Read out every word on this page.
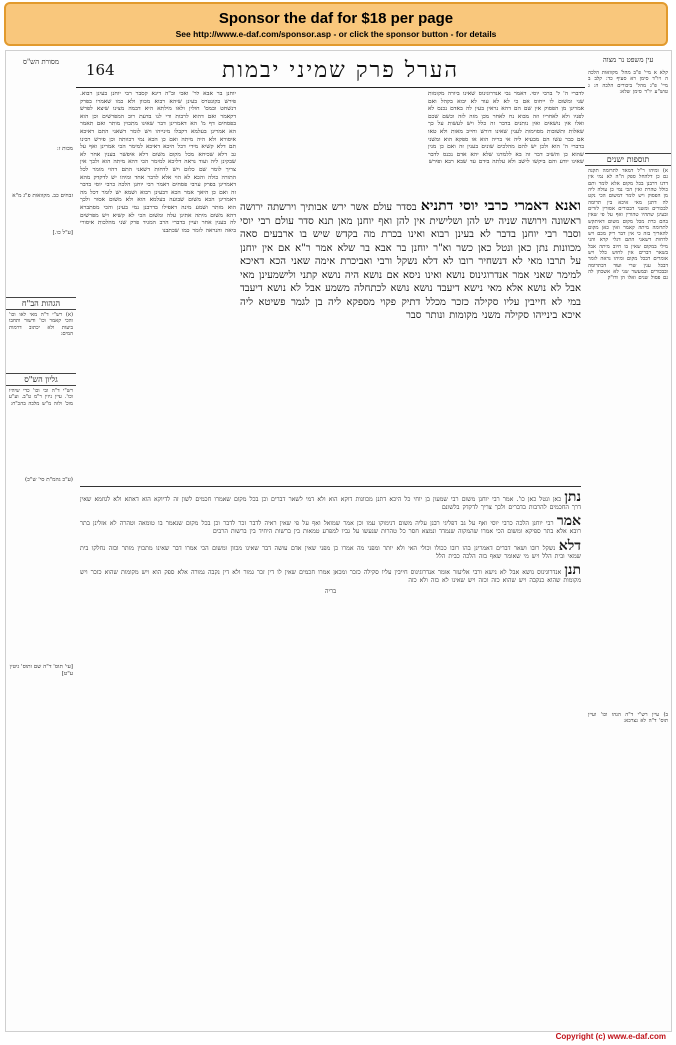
Sponsor the daf for $18 per page
See http://www.e-daf.com/sponsor.asp - or click the sponsor button - for details
עין משפט נר מצוה
קלא א מיי' פ"ב מהל' מקוואות הלכה ה ויו"ד סימן רא סעיף כד: קלב ב מיי' פ"ג מהל' ביכורים הלכה ה: ג טוש"ע יו"ד סימן שלא:
תוספות ישנים
א) ומיהו ר"ל דמאד לתרומה תקנה גם כן דלהחל ספק ה"ה לא נמי אין דדנו דרבנן בכל מקום אלא לומר ותם כולל טהרת ואין הכי נמי כן עולה ליה מן הפסוק ויש לומר דמשום הכי נקט לה דתנן מאי איכא בין תרומה לבכורים ומשני דבכורים אסורין לזרים ובעינן שתהיו טהורין ואף על פי שאין בהם כרת מכל מקום משום דאיתקש לתרומה מיתה קאמר ואין כאן מקום להאריך בזה כי אין דבר ריק מכם ויש לדחות דשאני התם דגלי קרא והני מילי במקום שאין בו חיוב מיתה אבל בשאר דברים אין לחוש כלל ויש אומרים דבכל מקום ומיהו נראה לומר דבכל ענין שרי ועוד דבתרומה ובבכורים ובמעשר שני לא אשכחן לה גם פסול שנים ואלו הן ודו"ק
ב) עיין רש"י ד"ה הנהו וכו' ועיין תוס' ד"ה לא נצרכא:
מסורת הש"ס
מכות ז:
זבחים כב. מקוואות פ"ג מ"א
[ע"ל כו.]
הגהות הב"ח
(א) רש"י ד"ה מאי לאו וכו' והכי קאמר וכו' ודשור ותחבו ביעות ולא יכתוב דרמות המים:
גליון הש"ס
רש"י ד"ה ובי וכו' כדי שיהיו וכו'. עיין ניזין ר"מ ט"ב. וע"ע מוכ' ולזה מ"ש מלכה בהכ"ח:
(ע"כ גהמ"ת סי' ש"כ)
[עי' תוס' ד"ה שם ותוס' גיטין ע"ט]
164	הערל פרק שמיני יבמות
לדברי ה' ל' ברבי יוסי. דאמר גבי אנדרוגינוס שאינו ביורה מקומות שני ומשום לו ייחוס אם כי לא לא עוד לא יבוא בקהל ואם אמרינן מן הפסוק אין שם הם דהא נראין בעין לה באדם נכנס לא לפניו ולא לאחריו וזה מבוא נח לאחר מכן מזה לזה וכשם שכם ואלו אין נושאים ואין נותנים בדבר זה כלל ויש לעשות על כך שאלות ותשובות מסוימות לענין שאינו דורש וחייב מאות ולא טאו אם כבר עשו הם מבעיא ליה אי בריה הוא או ספקא הוא ומשני בדברי ה' הוא ולכן יש להם מהלכים שונים בענין זה ואם כן מנין שהוא כן והשיב דבר זה בא ללמדנו שלא יהא אדם נכנס לדבר שאינו יודע והם ביקשו לישב ולא עלתה בידם עד שבא רבא ופירש
יוחנן בר אבא לר' ואכי וב"ה דינא קסבר רבי יוחנן בעינן רבוא. פירש בקונטרס בעינן שיהא רבוא מכוון ולא כמו שאמרו בפרק דנשחט ובמס' חולין ולאו מילתא היא דבמה מצינו שיצא לפרש דקאמר ואם דהוא לרבות ודי לנו בדעת רוב המפרשים וכן הוא בפסחים דף מ' הא דאמרינן דבר שאינו מתכוין מותר ואם תאמר הא אמרינן בעלמא דקבלו מינייהו ויש לומר דשאני התם דאיכא איסורא ולא היה מיתה ואם כן הכא נמי דכוותה וכן פירש רבינו תם דלא קשיא מידי דכל היכא דאיכא למימר הכי אמרינן ואף על גב דלא שכיחא מכל מקום משום דלא איפשר בענין אחר לא שבקינן ליה ועוד נראה דליכא למימר הכי דהא מיתה הוא ולכך אין צריך לומר שם כלום ויש לדחות דשאני התם דהוי מומר לכל התורה כולה והכא לא הוי אלא לדבר אחד ומיהו יש לדקדק מהא דאמרינן בפרק ערבי פסחים דאמר רבי יוחנן הלכה כרבי יוסי בדבר זה ואם כן היאך אמר הכא דבעינן רבוא ושמא יש לומר דכל מה דאמרינן הכא משום שבועה בעלמא הוא ולא משום אסור ולכך הוא מותר ושמע מינה דאפילו בדרבנן נמי בעינן והכי מסתברא דהא משום מיתה אתינן עלה ומשום הכי לא קשיא ויש מפרשים לה בענין אחר ועיין בדברי הרב המגיד פרק שני מהלכות איסורי ביאה והנראה לומר כמו שכתבנו
ואנא דאמרי כרבי יוסי דתניא בסדר עולם אשר ירש אבותיך וירשתה ירושה ראשונה וירושה שניה יש להן ושלישית אין להן ואף יוחנן מאן תנא סדר עולם רבי יוסי וסבר רבי יוחנן בדבר לא בעינן רבוא ואינו בכרת מה בקדש שיש בו ארבעים סאה מכוונות נתן כאן ונטל כאן כשר וא"ר יוחנן בר אבא בר שלא אמר ר"א אם אין יוחנן על תרבו מאי לא דנשחיר רובו לא דלא נשקל ורבי ואביכרת אימה שאני הכא דאיכא למימר שאני אמר אנדרוגינוס נושא ואינו ניסא אם נושא היה נושא קתני ולישמעינן מאי אבל לא נושא אלא מאי נישא דיעבד נושא נושא לכתחלה משמע אבל לא נושא דיעבד במי לא חייבין עליו סקילה כזכר מכלל דתיק פקוי מספקא ליה בן לגמר פשיטא ליה איכא בינייהו סקילה משני מקומות ונותר סבר

נתן כאן ונטל כאן כו'. אמר רבי יוחנן משום רבי שמעון בן יוחי כל היכא דתנן מכוונות דוקא הוא ולא דמי לשאר דברים וכן בכל מקום שאמרו חכמים לשון זה לדיוקא הוא דאתא ולא לגוזמא שאין דרך החכמים להרבות בדברים ולכך צריך לדקדק בלשונם

אמר רבי יוחנן הלכה כרבי יוסי ואף על גב דפליגי רבנן עליה משום דנימוקו עמו וכן אמר שמואל ואף על פי שאין ראיה לדבר זכר לדבר וכן בכל מקום שנאמר בו טומאה וטהרה לא אזלינן בתר רובא אלא בתר ספיקא ומשום הכי אמרו שהמקוה שנמדד ונמצא חסר כל טהרות שנעשו על גביו למפרע טמאות בין ברשות היחיד בין ברשות הרבים

דלא נשקל רובו ושאר דברים דאמרינן בהו רובו ככולו וכולי האי ולא יותר ומפני מה אמרו כן מפני שאין אדם עושה דבר שאינו מכוון ומשום הכי אמרו דבר שאינו מתכוין מותר ובזה נחלקו בית שמאי ובית הלל ויש מי שאומר שאף בזה הלכה כבית הלל

תנן אנדרוגינוס נושא אבל לא נישא ורבי אליעזר אומר אנדרוגינוס חייבין עליו סקילה כזכר ומכאן אמרו חכמים שאין לו דין זכר גמור ולא דין נקבה גמורה אלא ספק הוא ויש מקומות שהוא כזכר ויש מקומות שהוא כנקבה ויש שהוא כזה וכזה ויש שאינו לא כזה ולא כזה

בריה

Copyright (c) www.e-daf.com
